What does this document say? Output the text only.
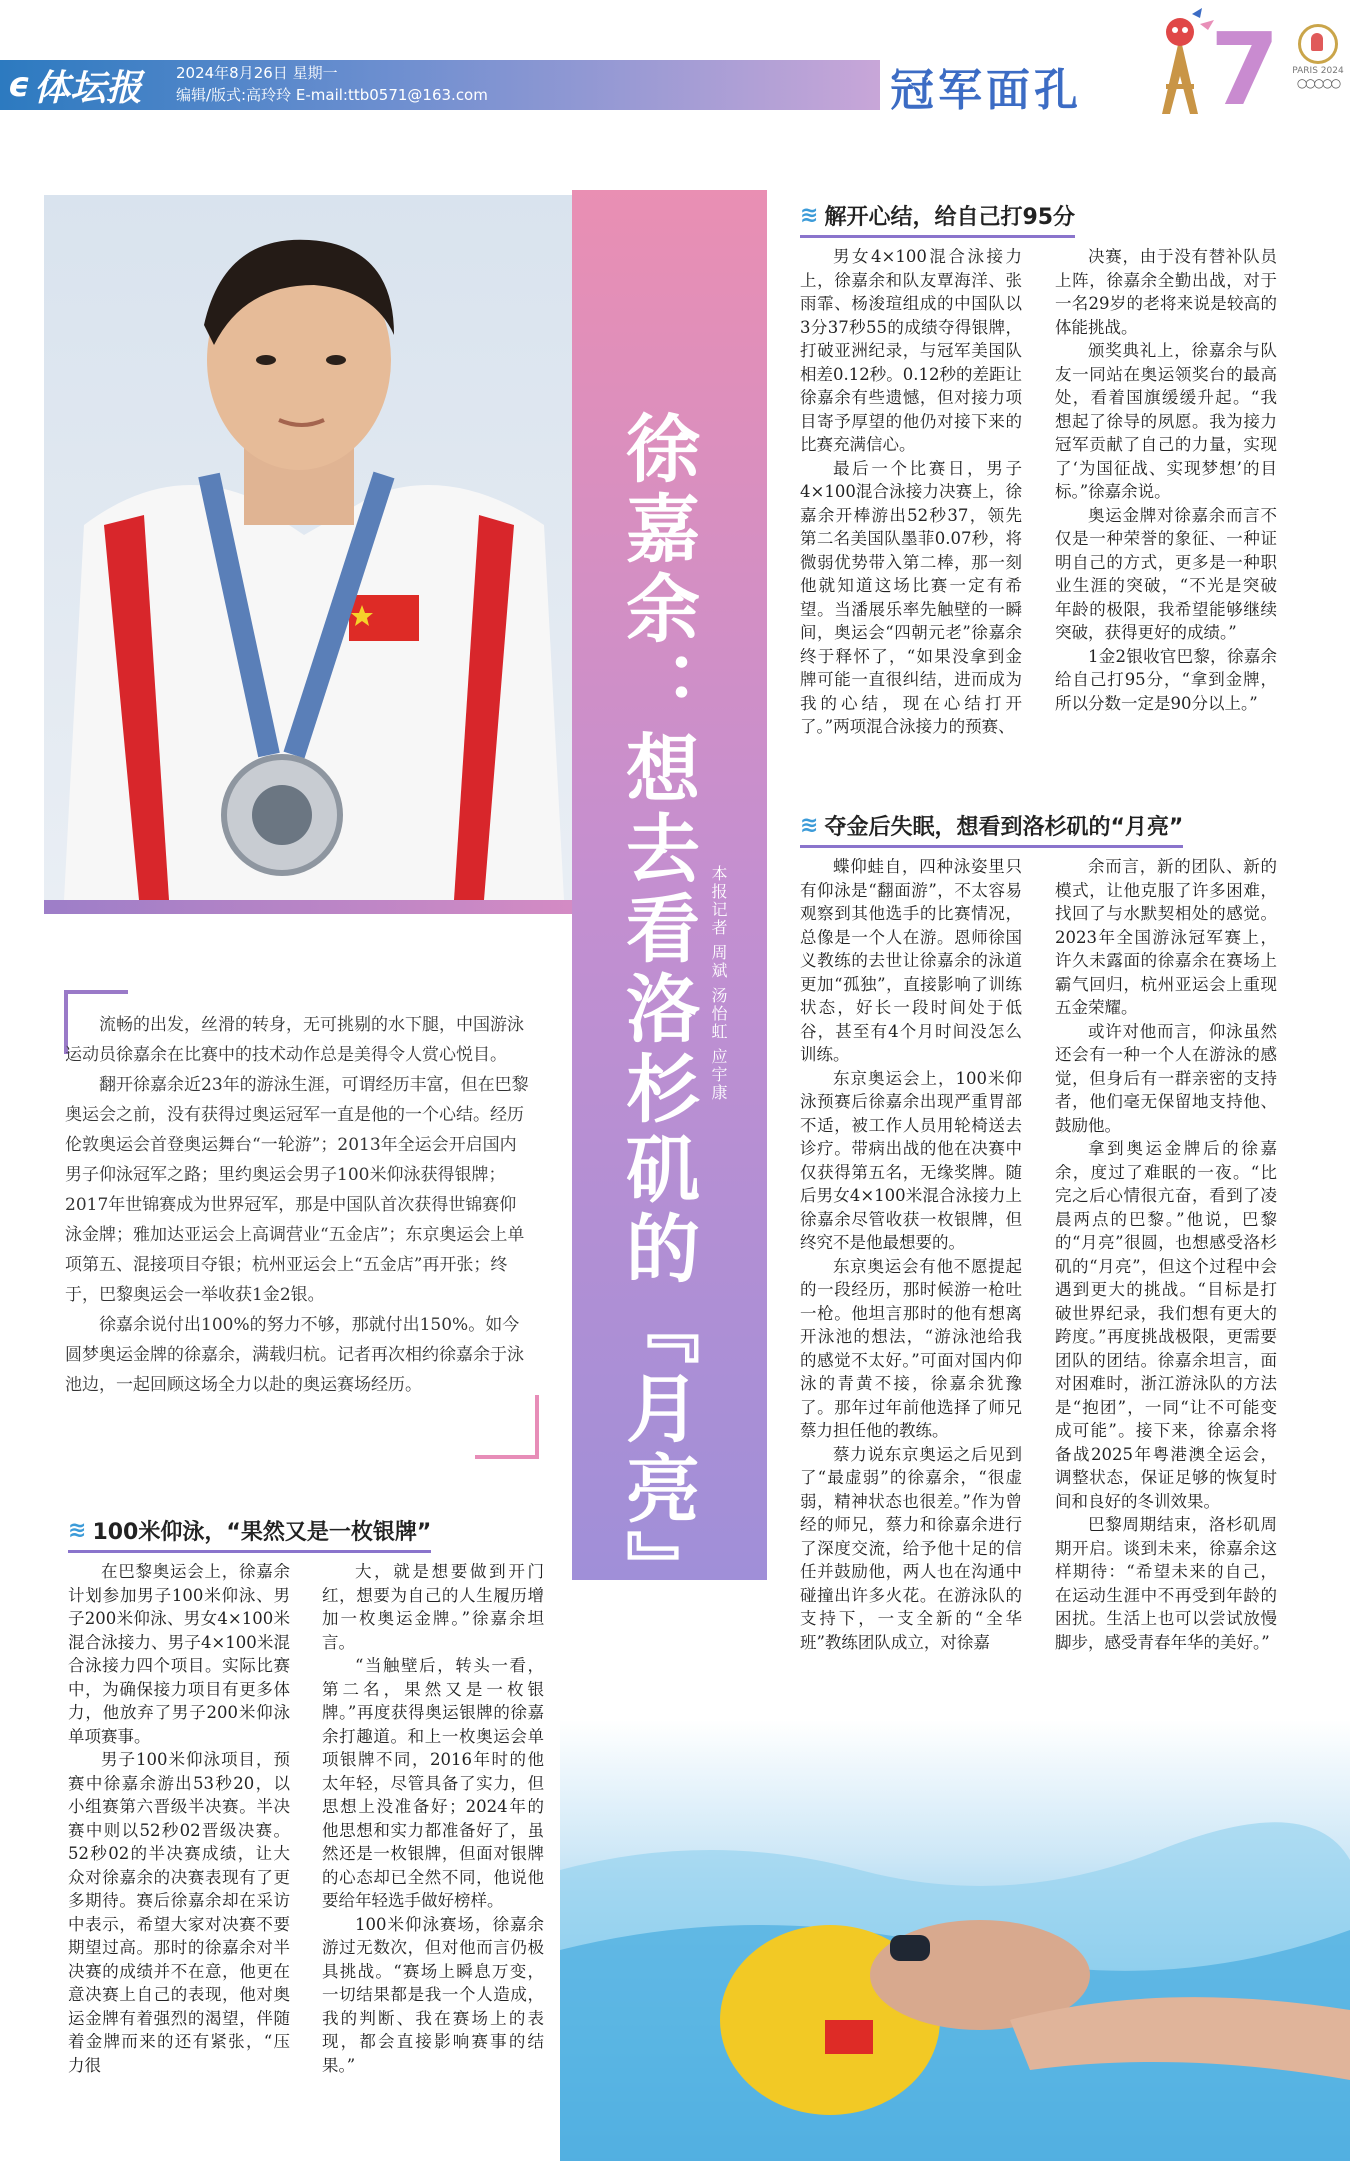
ϵ 体坛报 2024年8月26日 星期一
编辑/版式:高玲玲 E-mail:ttb0571@163.com	冠军面孔 7	PARIS 2024
○○○○○
徐嘉余：想去看洛杉矶的『月亮』 本报记者 周斌 汤怡虹 应宇康

流畅的出发，丝滑的转身，无可挑剔的水下腿，中国游泳运动员徐嘉余在比赛中的技术动作总是美得令人赏心悦目。

翻开徐嘉余近23年的游泳生涯，可谓经历丰富，但在巴黎奥运会之前，没有获得过奥运冠军一直是他的一个心结。经历伦敦奥运会首登奥运舞台“一轮游”；2013年全运会开启国内男子仰泳冠军之路；里约奥运会男子100米仰泳获得银牌；2017年世锦赛成为世界冠军，那是中国队首次获得世锦赛仰泳金牌；雅加达亚运会上高调营业“五金店”；东京奥运会上单项第五、混接项目夺银；杭州亚运会上“五金店”再开张；终于，巴黎奥运会一举收获1金2银。

徐嘉余说付出100%的努力不够，那就付出150%。如今圆梦奥运金牌的徐嘉余，满载归杭。记者再次相约徐嘉余于泳池边，一起回顾这场全力以赴的奥运赛场经历。

≋ 100米仰泳，“果然又是一枚银牌”

在巴黎奥运会上，徐嘉余计划参加男子100米仰泳、男子200米仰泳、男女4×100米混合泳接力、男子4×100米混合泳接力四个项目。实际比赛中，为确保接力项目有更多体力，他放弃了男子200米仰泳单项赛事。

男子100米仰泳项目，预赛中徐嘉余游出53秒20，以小组赛第六晋级半决赛。半决赛中则以52秒02晋级决赛。52秒02的半决赛成绩，让大众对徐嘉余的决赛表现有了更多期待。赛后徐嘉余却在采访中表示，希望大家对决赛不要期望过高。那时的徐嘉余对半决赛的成绩并不在意，他更在意决赛上自己的表现，他对奥运金牌有着强烈的渴望，伴随着金牌而来的还有紧张，“压力很

大，就是想要做到开门红，想要为自己的人生履历增加一枚奥运金牌。”徐嘉余坦言。

“当触壁后，转头一看，第二名，果然又是一枚银牌。”再度获得奥运银牌的徐嘉余打趣道。和上一枚奥运会单项银牌不同，2016年时的他太年轻，尽管具备了实力，但思想上没准备好；2024年的他思想和实力都准备好了，虽然还是一枚银牌，但面对银牌的心态却已全然不同，他说他要给年轻选手做好榜样。

100米仰泳赛场，徐嘉余游过无数次，但对他而言仍极具挑战。“赛场上瞬息万变，一切结果都是我一个人造成，我的判断、我在赛场上的表现，都会直接影响赛事的结果。”

≋ 解开心结，给自己打95分

男女4×100混合泳接力上，徐嘉余和队友覃海洋、张雨霏、杨浚瑄组成的中国队以3分37秒55的成绩夺得银牌，打破亚洲纪录，与冠军美国队相差0.12秒。0.12秒的差距让徐嘉余有些遗憾，但对接力项目寄予厚望的他仍对接下来的比赛充满信心。

最后一个比赛日，男子4×100混合泳接力决赛上，徐嘉余开棒游出52秒37，领先第二名美国队墨菲0.07秒，将微弱优势带入第二棒，那一刻他就知道这场比赛一定有希望。当潘展乐率先触壁的一瞬间，奥运会“四朝元老”徐嘉余终于释怀了，“如果没拿到金牌可能一直很纠结，进而成为我的心结，现在心结打开了。”两项混合泳接力的预赛、

决赛，由于没有替补队员上阵，徐嘉余全勤出战，对于一名29岁的老将来说是较高的体能挑战。

颁奖典礼上，徐嘉余与队友一同站在奥运领奖台的最高处，看着国旗缓缓升起。“我想起了徐导的夙愿。我为接力冠军贡献了自己的力量，实现了‘为国征战、实现梦想’的目标。”徐嘉余说。

奥运金牌对徐嘉余而言不仅是一种荣誉的象征、一种证明自己的方式，更多是一种职业生涯的突破，“不光是突破年龄的极限，我希望能够继续突破，获得更好的成绩。”

1金2银收官巴黎，徐嘉余给自己打95分，“拿到金牌，所以分数一定是90分以上。”

≋ 夺金后失眠，想看到洛杉矶的“月亮”

蝶仰蛙自，四种泳姿里只有仰泳是“翻面游”，不太容易观察到其他选手的比赛情况，总像是一个人在游。恩师徐国义教练的去世让徐嘉余的泳道更加“孤独”，直接影响了训练状态，好长一段时间处于低谷，甚至有4个月时间没怎么训练。

东京奥运会上，100米仰泳预赛后徐嘉余出现严重胃部不适，被工作人员用轮椅送去诊疗。带病出战的他在决赛中仅获得第五名，无缘奖牌。随后男女4×100米混合泳接力上徐嘉余尽管收获一枚银牌，但终究不是他最想要的。

东京奥运会有他不愿提起的一段经历，那时候游一枪吐一枪。他坦言那时的他有想离开泳池的想法，“游泳池给我的感觉不太好。”可面对国内仰泳的青黄不接，徐嘉余犹豫了。那年过年前他选择了师兄蔡力担任他的教练。

蔡力说东京奥运之后见到了“最虚弱”的徐嘉余，“很虚弱，精神状态也很差。”作为曾经的师兄，蔡力和徐嘉余进行了深度交流，给予他十足的信任并鼓励他，两人也在沟通中碰撞出许多火花。在游泳队的支持下，一支全新的“全华班”教练团队成立，对徐嘉

余而言，新的团队、新的模式，让他克服了许多困难，找回了与水默契相处的感觉。2023年全国游泳冠军赛上，许久未露面的徐嘉余在赛场上霸气回归，杭州亚运会上重现五金荣耀。

或许对他而言，仰泳虽然还会有一种一个人在游泳的感觉，但身后有一群亲密的支持者，他们毫无保留地支持他、鼓励他。

拿到奥运金牌后的徐嘉余，度过了难眠的一夜。“比完之后心情很亢奋，看到了凌晨两点的巴黎。”他说，巴黎的“月亮”很圆，也想感受洛杉矶的“月亮”，但这个过程中会遇到更大的挑战。“目标是打破世界纪录，我们想有更大的跨度。”再度挑战极限，更需要团队的团结。徐嘉余坦言，面对困难时，浙江游泳队的方法是“抱团”，一同“让不可能变成可能”。接下来，徐嘉余将备战2025年粤港澳全运会，调整状态，保证足够的恢复时间和良好的冬训效果。

巴黎周期结束，洛杉矶周期开启。谈到未来，徐嘉余这样期待：“希望未来的自己，在运动生涯中不再受到年龄的困扰。生活上也可以尝试放慢脚步，感受青春年华的美好。”
